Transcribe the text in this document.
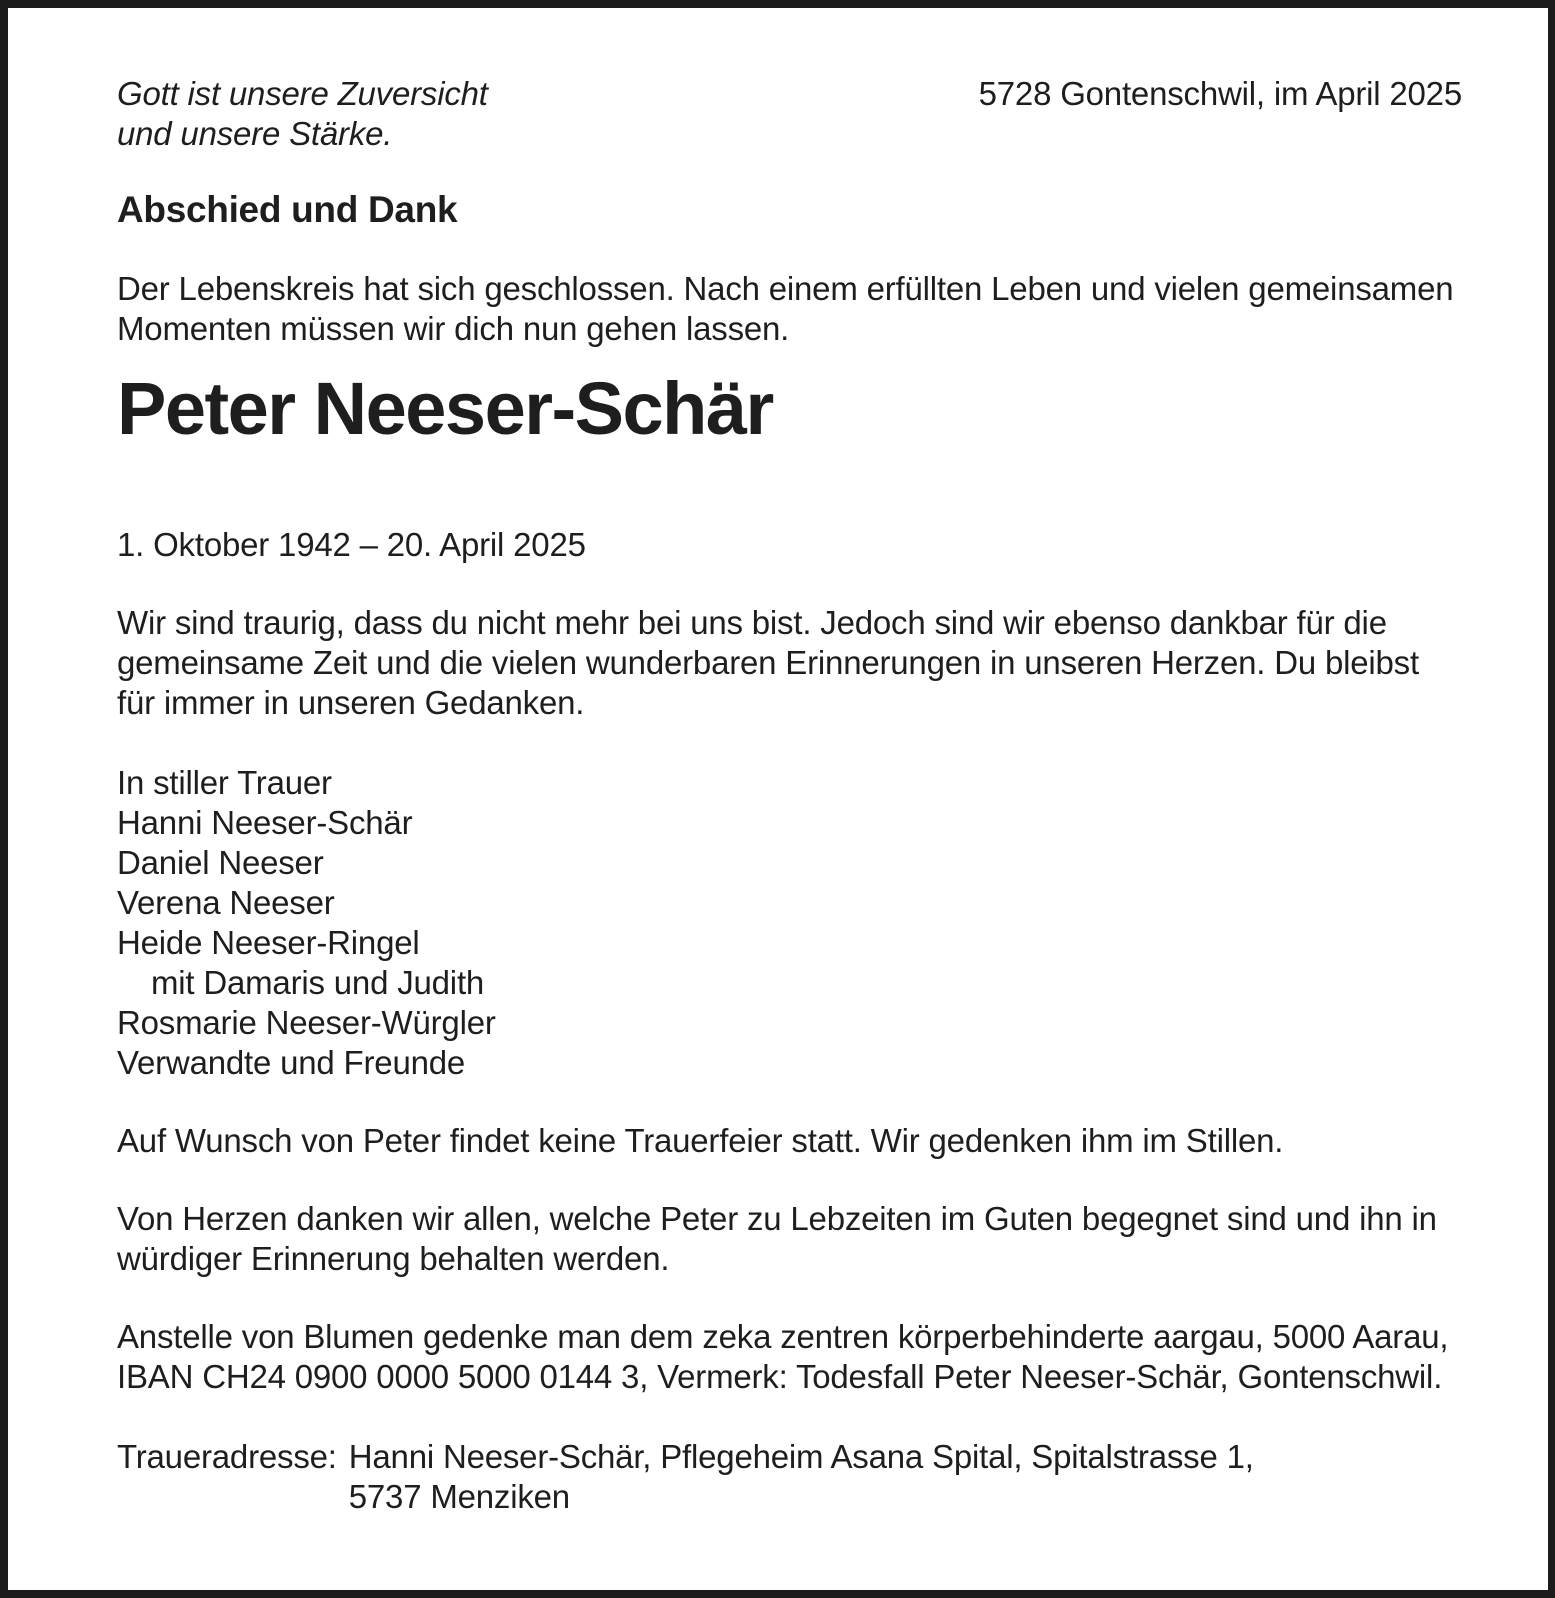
Gott ist unsere Zuversicht
und unsere Stärke.

5728 Gontenschwil, im April 2025

Abschied und Dank

Der Lebenskreis hat sich geschlossen. Nach einem erfüllten Leben und vielen gemeinsamen Momenten müssen wir dich nun gehen lassen.

Peter Neeser-Schär

1. Oktober 1942 – 20. April 2025

Wir sind traurig, dass du nicht mehr bei uns bist. Jedoch sind wir ebenso dankbar für die gemeinsame Zeit und die vielen wunderbaren Erinnerungen in unseren Herzen. Du bleibst für immer in unseren Gedanken.

In stiller Trauer
Hanni Neeser-Schär
Daniel Neeser
Verena Neeser
Heide Neeser-Ringel
mit Damaris und Judith
Rosmarie Neeser-Würgler
Verwandte und Freunde

Auf Wunsch von Peter findet keine Trauerfeier statt. Wir gedenken ihm im Stillen.

Von Herzen danken wir allen, welche Peter zu Lebzeiten im Guten begegnet sind und ihn in würdiger Erinnerung behalten werden.

Anstelle von Blumen gedenke man dem zeka zentren körperbehinderte aargau, 5000 Aarau, IBAN CH24 0900 0000 5000 0144 3, Vermerk: Todesfall Peter Neeser-Schär, Gontenschwil.

Traueradresse: Hanni Neeser-Schär, Pflegeheim Asana Spital, Spitalstrasse 1,
5737 Menziken
